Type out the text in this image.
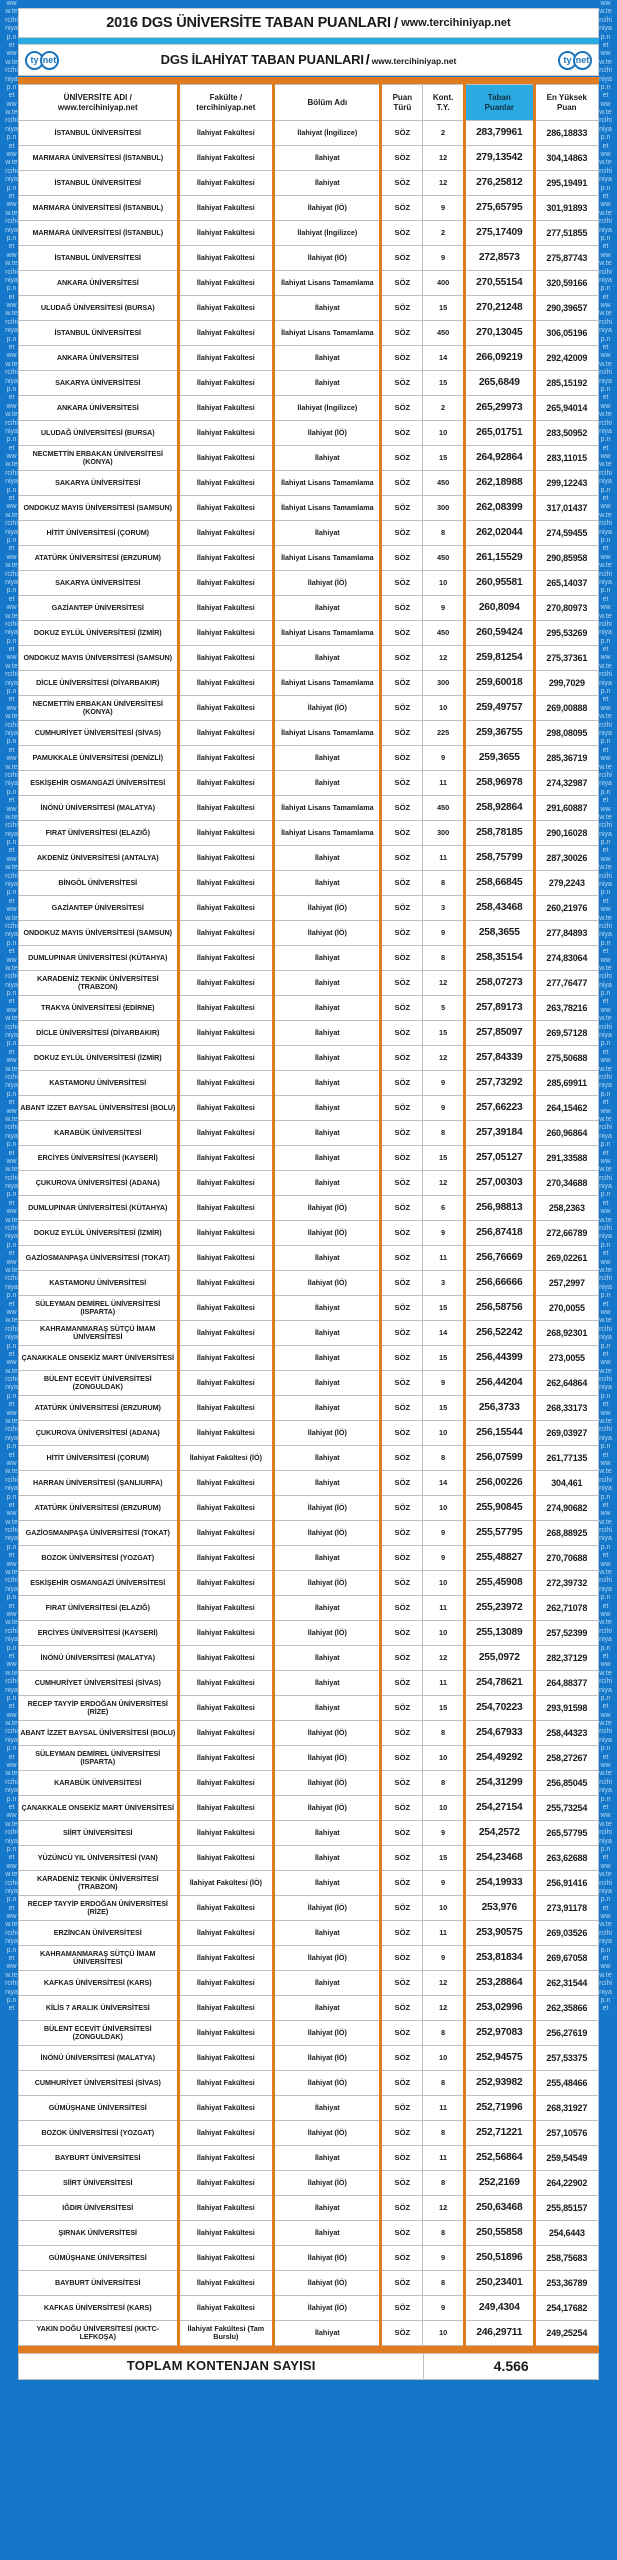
www.tercihiniyap.net www.tercihiniyap.net www.tercihiniyap.net www.tercihiniyap.net www.tercihiniyap.net www.tercihiniyap.net www.tercihiniyap.net www.tercihiniyap.net www.tercihiniyap.net www.tercihiniyap.net www.tercihiniyap.net www.tercihiniyap.net www.tercihiniyap.net www.tercihiniyap.net www.tercihiniyap.net www.tercihiniyap.net www.tercihiniyap.net www.tercihiniyap.net www.tercihiniyap.net www.tercihiniyap.net www.tercihiniyap.net www.tercihiniyap.net www.tercihiniyap.net www.tercihiniyap.net www.tercihiniyap.net www.tercihiniyap.net www.tercihiniyap.net www.tercihiniyap.net www.tercihiniyap.net www.tercihiniyap.net www.tercihiniyap.net www.tercihiniyap.net www.tercihiniyap.net www.tercihiniyap.net www.tercihiniyap.net www.tercihiniyap.net www.tercihiniyap.net www.tercihiniyap.net www.tercihiniyap.net www.tercihiniyap.net
www.tercihiniyap.net www.tercihiniyap.net www.tercihiniyap.net www.tercihiniyap.net www.tercihiniyap.net www.tercihiniyap.net www.tercihiniyap.net www.tercihiniyap.net www.tercihiniyap.net www.tercihiniyap.net www.tercihiniyap.net www.tercihiniyap.net www.tercihiniyap.net www.tercihiniyap.net www.tercihiniyap.net www.tercihiniyap.net www.tercihiniyap.net www.tercihiniyap.net www.tercihiniyap.net www.tercihiniyap.net www.tercihiniyap.net www.tercihiniyap.net www.tercihiniyap.net www.tercihiniyap.net www.tercihiniyap.net www.tercihiniyap.net www.tercihiniyap.net www.tercihiniyap.net www.tercihiniyap.net www.tercihiniyap.net www.tercihiniyap.net www.tercihiniyap.net www.tercihiniyap.net www.tercihiniyap.net www.tercihiniyap.net www.tercihiniyap.net www.tercihiniyap.net www.tercihiniyap.net www.tercihiniyap.net www.tercihiniyap.net
2016 DGS ÜNİVERSİTE TABAN PUANLARI / www.tercihiniyap.net
ty net	DGS İLAHİYAT TABAN PUANLARI / www.tercihiniyap.net	ty net
ÜNİVERSİTE ADI /
www.tercihiniyap.net

Fakülte /
tercihiniyap.net

Bölüm Adı

Puan
Türü

Kont.
T.Y.

Taban
Puanlar

En Yüksek
Puan

İSTANBUL ÜNİVERSİTESİ	İlahiyat Fakültesi	İlahiyat (İngilizce)	SÖZ	2	283,79961	286,18833
MARMARA ÜNİVERSİTESİ (İSTANBUL)	İlahiyat Fakültesi	İlahiyat	SÖZ	12	279,13542	304,14863
İSTANBUL ÜNİVERSİTESİ	İlahiyat Fakültesi	İlahiyat	SÖZ	12	276,25812	295,19491
MARMARA ÜNİVERSİTESİ (İSTANBUL)	İlahiyat Fakültesi	İlahiyat (İÖ)	SÖZ	9	275,65795	301,91893
MARMARA ÜNİVERSİTESİ (İSTANBUL)	İlahiyat Fakültesi	İlahiyat (İngilizce)	SÖZ	2	275,17409	277,51855
İSTANBUL ÜNİVERSİTESİ	İlahiyat Fakültesi	İlahiyat (İÖ)	SÖZ	9	272,8573	275,87743
ANKARA ÜNİVERSİTESİ	İlahiyat Fakültesi	İlahiyat Lisans Tamamlama	SÖZ	400	270,55154	320,59166
ULUDAĞ ÜNİVERSİTESİ (BURSA)	İlahiyat Fakültesi	İlahiyat	SÖZ	15	270,21248	290,39657
İSTANBUL ÜNİVERSİTESİ	İlahiyat Fakültesi	İlahiyat Lisans Tamamlama	SÖZ	450	270,13045	306,05196
ANKARA ÜNİVERSİTESİ	İlahiyat Fakültesi	İlahiyat	SÖZ	14	266,09219	292,42009
SAKARYA ÜNİVERSİTESİ	İlahiyat Fakültesi	İlahiyat	SÖZ	15	265,6849	285,15192
ANKARA ÜNİVERSİTESİ	İlahiyat Fakültesi	İlahiyat (İngilizce)	SÖZ	2	265,29973	265,94014
ULUDAĞ ÜNİVERSİTESİ (BURSA)	İlahiyat Fakültesi	İlahiyat (İÖ)	SÖZ	10	265,01751	283,50952
NECMETTİN ERBAKAN ÜNİVERSİTESİ (KONYA)	İlahiyat Fakültesi	İlahiyat	SÖZ	15	264,92864	283,11015
SAKARYA ÜNİVERSİTESİ	İlahiyat Fakültesi	İlahiyat Lisans Tamamlama	SÖZ	450	262,18988	299,12243
ONDOKUZ MAYIS ÜNİVERSİTESİ (SAMSUN)	İlahiyat Fakültesi	İlahiyat Lisans Tamamlama	SÖZ	300	262,08399	317,01437
HİTİT ÜNİVERSİTESİ (ÇORUM)	İlahiyat Fakültesi	İlahiyat	SÖZ	8	262,02044	274,59455
ATATÜRK ÜNİVERSİTESİ (ERZURUM)	İlahiyat Fakültesi	İlahiyat Lisans Tamamlama	SÖZ	450	261,15529	290,85958
SAKARYA ÜNİVERSİTESİ	İlahiyat Fakültesi	İlahiyat (İÖ)	SÖZ	10	260,95581	265,14037
GAZİANTEP ÜNİVERSİTESİ	İlahiyat Fakültesi	İlahiyat	SÖZ	9	260,8094	270,80973
DOKUZ EYLÜL ÜNİVERSİTESİ (İZMİR)	İlahiyat Fakültesi	İlahiyat Lisans Tamamlama	SÖZ	450	260,59424	295,53269
ONDOKUZ MAYIS ÜNİVERSİTESİ (SAMSUN)	İlahiyat Fakültesi	İlahiyat	SÖZ	12	259,81254	275,37361
DİCLE ÜNİVERSİTESİ (DİYARBAKIR)	İlahiyat Fakültesi	İlahiyat Lisans Tamamlama	SÖZ	300	259,60018	299,7029
NECMETTİN ERBAKAN ÜNİVERSİTESİ (KONYA)	İlahiyat Fakültesi	İlahiyat (İÖ)	SÖZ	10	259,49757	269,00888
CUMHURİYET ÜNİVERSİTESİ (SİVAS)	İlahiyat Fakültesi	İlahiyat Lisans Tamamlama	SÖZ	225	259,36755	298,08095
PAMUKKALE ÜNİVERSİTESİ (DENİZLİ)	İlahiyat Fakültesi	İlahiyat	SÖZ	9	259,3655	285,36719
ESKİŞEHİR OSMANGAZİ ÜNİVERSİTESİ	İlahiyat Fakültesi	İlahiyat	SÖZ	11	258,96978	274,32987
İNÖNÜ ÜNİVERSİTESİ (MALATYA)	İlahiyat Fakültesi	İlahiyat Lisans Tamamlama	SÖZ	450	258,92864	291,60887
FIRAT ÜNİVERSİTESİ (ELAZIĞ)	İlahiyat Fakültesi	İlahiyat Lisans Tamamlama	SÖZ	300	258,78185	290,16028
AKDENİZ ÜNİVERSİTESİ (ANTALYA)	İlahiyat Fakültesi	İlahiyat	SÖZ	11	258,75799	287,30026
BİNGÖL ÜNİVERSİTESİ	İlahiyat Fakültesi	İlahiyat	SÖZ	8	258,66845	279,2243
GAZİANTEP ÜNİVERSİTESİ	İlahiyat Fakültesi	İlahiyat (İÖ)	SÖZ	3	258,43468	260,21976
ONDOKUZ MAYIS ÜNİVERSİTESİ (SAMSUN)	İlahiyat Fakültesi	İlahiyat (İÖ)	SÖZ	9	258,3655	277,84893
DUMLUPINAR ÜNİVERSİTESİ (KÜTAHYA)	İlahiyat Fakültesi	İlahiyat	SÖZ	8	258,35154	274,83064
KARADENİZ TEKNİK ÜNİVERSİTESİ (TRABZON)	İlahiyat Fakültesi	İlahiyat	SÖZ	12	258,07273	277,76477
TRAKYA ÜNİVERSİTESİ (EDİRNE)	İlahiyat Fakültesi	İlahiyat	SÖZ	5	257,89173	263,78216
DİCLE ÜNİVERSİTESİ (DİYARBAKIR)	İlahiyat Fakültesi	İlahiyat	SÖZ	15	257,85097	269,57128
DOKUZ EYLÜL ÜNİVERSİTESİ (İZMİR)	İlahiyat Fakültesi	İlahiyat	SÖZ	12	257,84339	275,50688
KASTAMONU ÜNİVERSİTESİ	İlahiyat Fakültesi	İlahiyat	SÖZ	9	257,73292	285,69911
ABANT İZZET BAYSAL ÜNİVERSİTESİ (BOLU)	İlahiyat Fakültesi	İlahiyat	SÖZ	9	257,66223	264,15462
KARABÜK ÜNİVERSİTESİ	İlahiyat Fakültesi	İlahiyat	SÖZ	8	257,39184	260,96864
ERCİYES ÜNİVERSİTESİ (KAYSERİ)	İlahiyat Fakültesi	İlahiyat	SÖZ	15	257,05127	291,33588
ÇUKUROVA ÜNİVERSİTESİ (ADANA)	İlahiyat Fakültesi	İlahiyat	SÖZ	12	257,00303	270,34688
DUMLUPINAR ÜNİVERSİTESİ (KÜTAHYA)	İlahiyat Fakültesi	İlahiyat (İÖ)	SÖZ	6	256,98813	258,2363
DOKUZ EYLÜL ÜNİVERSİTESİ (İZMİR)	İlahiyat Fakültesi	İlahiyat (İÖ)	SÖZ	9	256,87418	272,66789
GAZİOSMANPAŞA ÜNİVERSİTESİ (TOKAT)	İlahiyat Fakültesi	İlahiyat	SÖZ	11	256,76669	269,02261
KASTAMONU ÜNİVERSİTESİ	İlahiyat Fakültesi	İlahiyat (İÖ)	SÖZ	3	256,66666	257,2997
SÜLEYMAN DEMİREL ÜNİVERSİTESİ (ISPARTA)	İlahiyat Fakültesi	İlahiyat	SÖZ	15	256,58756	270,0055
KAHRAMANMARAŞ SÜTÇÜ İMAM ÜNİVERSİTESİ	İlahiyat Fakültesi	İlahiyat	SÖZ	14	256,52242	268,92301
ÇANAKKALE ONSEKİZ MART ÜNİVERSİTESİ	İlahiyat Fakültesi	İlahiyat	SÖZ	15	256,44399	273,0055
BÜLENT ECEVİT ÜNİVERSİTESİ (ZONGULDAK)	İlahiyat Fakültesi	İlahiyat	SÖZ	9	256,44204	262,64864
ATATÜRK ÜNİVERSİTESİ (ERZURUM)	İlahiyat Fakültesi	İlahiyat	SÖZ	15	256,3733	268,33173
ÇUKUROVA ÜNİVERSİTESİ (ADANA)	İlahiyat Fakültesi	İlahiyat (İÖ)	SÖZ	10	256,15544	269,03927
HİTİT ÜNİVERSİTESİ (ÇORUM)	İlahiyat Fakültesi (İÖ)	İlahiyat	SÖZ	8	256,07599	261,77135
HARRAN ÜNİVERSİTESİ (ŞANLIURFA)	İlahiyat Fakültesi	İlahiyat	SÖZ	14	256,00226	304,461
ATATÜRK ÜNİVERSİTESİ (ERZURUM)	İlahiyat Fakültesi	İlahiyat (İÖ)	SÖZ	10	255,90845	274,90682
GAZİOSMANPAŞA ÜNİVERSİTESİ (TOKAT)	İlahiyat Fakültesi	İlahiyat (İÖ)	SÖZ	9	255,57795	268,88925
BOZOK ÜNİVERSİTESİ (YOZGAT)	İlahiyat Fakültesi	İlahiyat	SÖZ	9	255,48827	270,70688
ESKİŞEHİR OSMANGAZİ ÜNİVERSİTESİ	İlahiyat Fakültesi	İlahiyat (İÖ)	SÖZ	10	255,45908	272,39732
FIRAT ÜNİVERSİTESİ (ELAZIĞ)	İlahiyat Fakültesi	İlahiyat	SÖZ	11	255,23972	262,71078
ERCİYES ÜNİVERSİTESİ (KAYSERİ)	İlahiyat Fakültesi	İlahiyat (İÖ)	SÖZ	10	255,13089	257,52399
İNÖNÜ ÜNİVERSİTESİ (MALATYA)	İlahiyat Fakültesi	İlahiyat	SÖZ	12	255,0972	282,37129
CUMHURİYET ÜNİVERSİTESİ (SİVAS)	İlahiyat Fakültesi	İlahiyat	SÖZ	11	254,78621	264,88377
RECEP TAYYİP ERDOĞAN ÜNİVERSİTESİ (RİZE)	İlahiyat Fakültesi	İlahiyat	SÖZ	15	254,70223	293,91598
ABANT İZZET BAYSAL ÜNİVERSİTESİ (BOLU)	İlahiyat Fakültesi	İlahiyat (İÖ)	SÖZ	8	254,67933	258,44323
SÜLEYMAN DEMİREL ÜNİVERSİTESİ (ISPARTA)	İlahiyat Fakültesi	İlahiyat (İÖ)	SÖZ	10	254,49292	258,27267
KARABÜK ÜNİVERSİTESİ	İlahiyat Fakültesi	İlahiyat (İÖ)	SÖZ	8	254,31299	256,85045
ÇANAKKALE ONSEKİZ MART ÜNİVERSİTESİ	İlahiyat Fakültesi	İlahiyat (İÖ)	SÖZ	10	254,27154	255,73254
SİİRT ÜNİVERSİTESİ	İlahiyat Fakültesi	İlahiyat	SÖZ	9	254,2572	265,57795
YÜZÜNCÜ YIL ÜNİVERSİTESİ (VAN)	İlahiyat Fakültesi	İlahiyat	SÖZ	15	254,23468	263,62688
KARADENİZ TEKNİK ÜNİVERSİTESİ (TRABZON)	İlahiyat Fakültesi (İÖ)	İlahiyat	SÖZ	9	254,19933	256,91416
RECEP TAYYİP ERDOĞAN ÜNİVERSİTESİ (RİZE)	İlahiyat Fakültesi	İlahiyat (İÖ)	SÖZ	10	253,976	273,91178
ERZİNCAN ÜNİVERSİTESİ	İlahiyat Fakültesi	İlahiyat	SÖZ	11	253,90575	269,03526
KAHRAMANMARAŞ SÜTÇÜ İMAM ÜNİVERSİTESİ	İlahiyat Fakültesi	İlahiyat (İÖ)	SÖZ	9	253,81834	269,67058
KAFKAS ÜNİVERSİTESİ (KARS)	İlahiyat Fakültesi	İlahiyat	SÖZ	12	253,28864	262,31544
KİLİS 7 ARALIK ÜNİVERSİTESİ	İlahiyat Fakültesi	İlahiyat	SÖZ	12	253,02996	262,35866
BÜLENT ECEVİT ÜNİVERSİTESİ (ZONGULDAK)	İlahiyat Fakültesi	İlahiyat (İÖ)	SÖZ	8	252,97083	256,27619
İNÖNÜ ÜNİVERSİTESİ (MALATYA)	İlahiyat Fakültesi	İlahiyat (İÖ)	SÖZ	10	252,94575	257,53375
CUMHURİYET ÜNİVERSİTESİ (SİVAS)	İlahiyat Fakültesi	İlahiyat (İÖ)	SÖZ	8	252,93982	255,48466
GÜMÜŞHANE ÜNİVERSİTESİ	İlahiyat Fakültesi	İlahiyat	SÖZ	11	252,71996	268,31927
BOZOK ÜNİVERSİTESİ (YOZGAT)	İlahiyat Fakültesi	İlahiyat (İÖ)	SÖZ	8	252,71221	257,10576
BAYBURT ÜNİVERSİTESİ	İlahiyat Fakültesi	İlahiyat	SÖZ	11	252,56864	259,54549
SİİRT ÜNİVERSİTESİ	İlahiyat Fakültesi	İlahiyat (İÖ)	SÖZ	8	252,2169	264,22902
IĞDIR ÜNİVERSİTESİ	İlahiyat Fakültesi	İlahiyat	SÖZ	12	250,63468	255,85157
ŞIRNAK ÜNİVERSİTESİ	İlahiyat Fakültesi	İlahiyat	SÖZ	8	250,55858	254,6443
GÜMÜŞHANE ÜNİVERSİTESİ	İlahiyat Fakültesi	İlahiyat (İÖ)	SÖZ	9	250,51896	258,75683
BAYBURT ÜNİVERSİTESİ	İlahiyat Fakültesi	İlahiyat (İÖ)	SÖZ	8	250,23401	253,36789
KAFKAS ÜNİVERSİTESİ (KARS)	İlahiyat Fakültesi	İlahiyat (İÖ)	SÖZ	9	249,4304	254,17682
YAKIN DOĞU ÜNİVERSİTESİ (KKTC-LEFKOŞA)	İlahiyat Fakültesi (Tam Burslu)	İlahiyat	SÖZ	10	246,29711	249,25254
TOPLAM KONTENJAN SAYISI	4.566
